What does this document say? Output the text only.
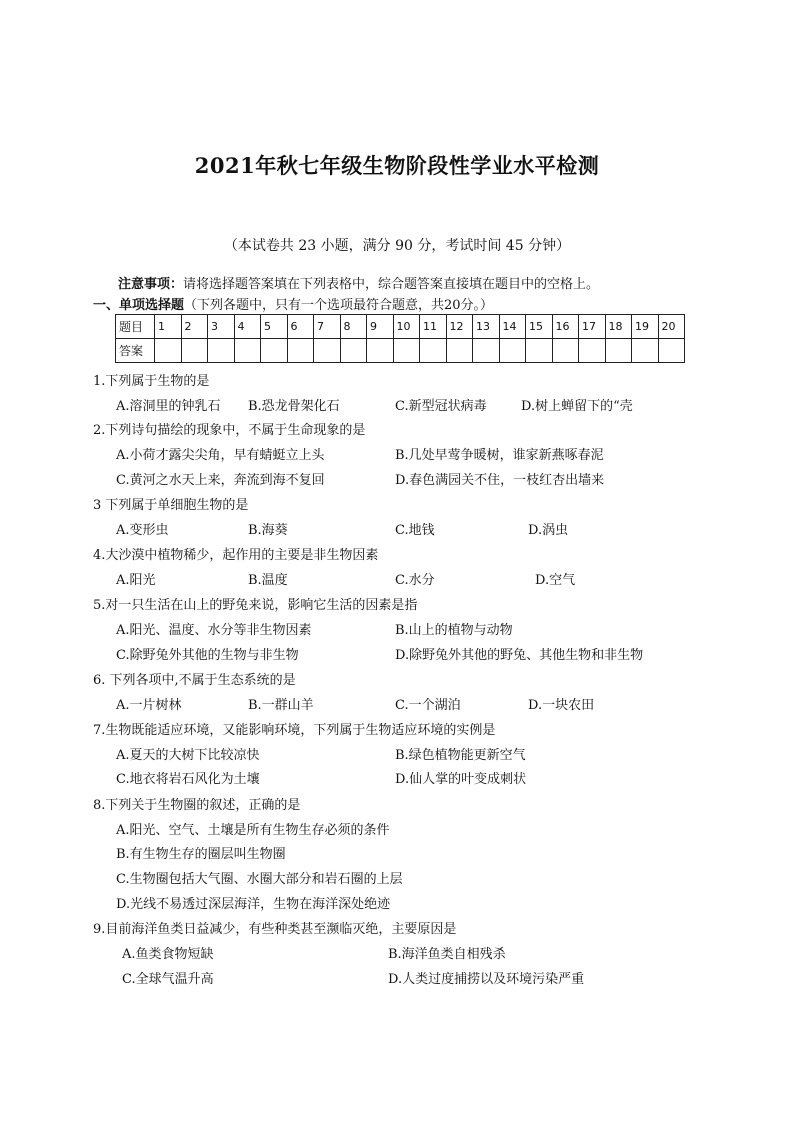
2021年秋七年级生物阶段性学业水平检测
（本试卷共 23 小题，满分 90 分，考试时间 45 分钟）
注意事项：请将选择题答案填在下列表格中，综合题答案直接填在题目中的空格上。
一、单项选择题（下列各题中，只有一个选项最符合题意，共20分。）
题目	1	2	3	4	5	6	7	8	9	10	11	12	13	14	15	16	17	18	19	20
答案																				
1.下列属于生物的是
A.溶洞里的钟乳石 B.恐龙骨架化石	C.新型冠状病毒	D.树上蝉留下的“壳
2.下列诗句描绘的现象中，不属于生命现象的是
A.小荷才露尖尖角，早有蜻蜓立上头	B.几处早莺争暖树，谁家新燕啄春泥
C.黄河之水天上来，奔流到海不复回	D.春色满园关不住，一枝红杏出墙来
3 下列属于单细胞生物的是
A.变形虫	B.海葵	C.地钱	D.涡虫
4.大沙漠中植物稀少，起作用的主要是非生物因素
A.阳光	B.温度	C.水分	D.空气
5.对一只生活在山上的野兔来说，影响它生活的因素是指
A.阳光、温度、水分等非生物因素	B.山上的植物与动物
C.除野兔外其他的生物与非生物	D.除野兔外其他的野兔、其他生物和非生物
6. 下列各项中,不属于生态系统的是
A.一片树林	B.一群山羊	C.一个湖泊	D.一块农田
7.生物既能适应环境，又能影响环境，下列属于生物适应环境的实例是
A.夏天的大树下比较凉快	B.绿色植物能更新空气
C.地衣将岩石风化为土壤	D.仙人掌的叶变成刺状
8.下列关于生物圈的叙述，正确的是
A.阳光、空气、土壤是所有生物生存必须的条件
B.有生物生存的圈层叫生物圈
C.生物圈包括大气圈、水圈大部分和岩石圈的上层
D.光线不易透过深层海洋，生物在海洋深处绝迹
9.目前海洋鱼类日益减少，有些种类甚至濒临灭绝，主要原因是
A.鱼类食物短缺	B.海洋鱼类自相残杀
C.全球气温升高	D.人类过度捕捞以及环境污染严重
